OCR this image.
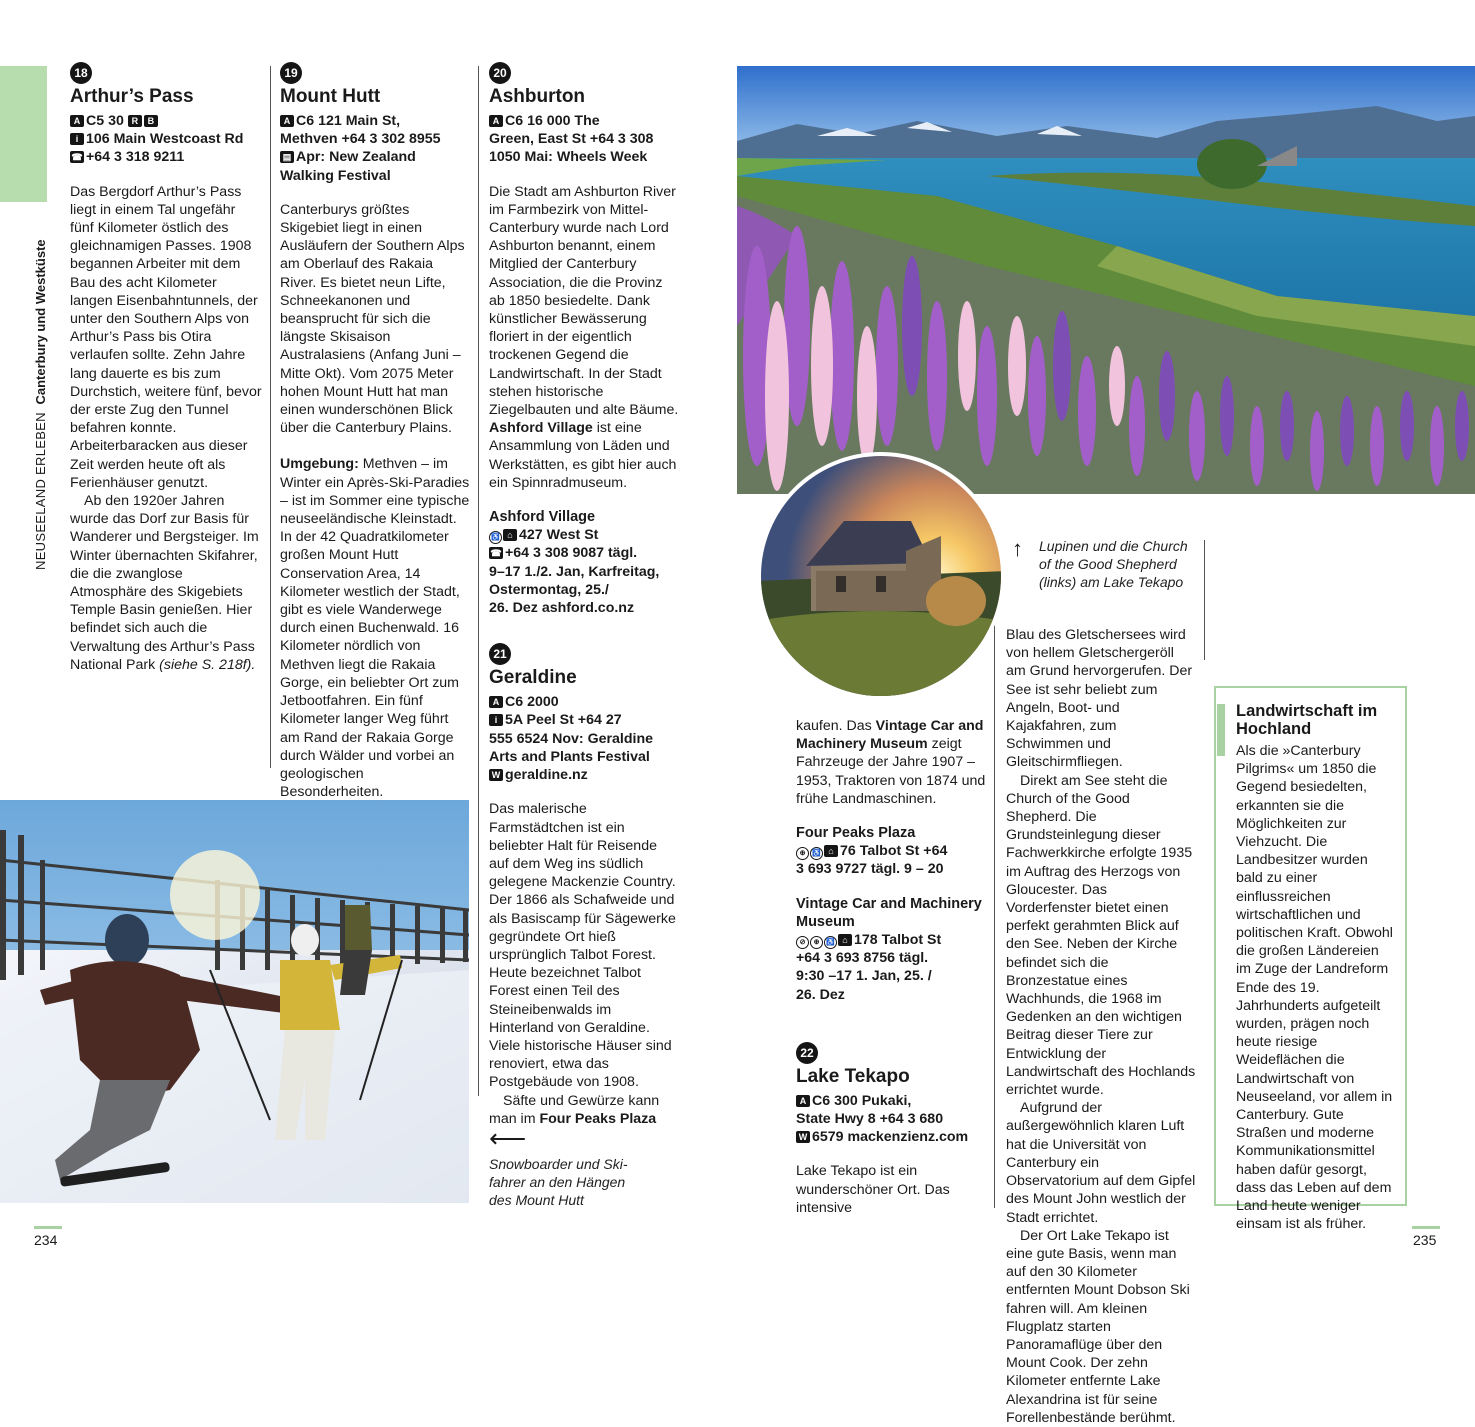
NEUSEELAND ERLEBEN Canterbury und Westküste
18
Arthur’s Pass
A C5 30 R B
i 106 Main Westcoast Rd
☎ +64 3 318 9211

Das Bergdorf Arthur’s Pass liegt in einem Tal ungefähr fünf Kilometer östlich des gleichnamigen Passes. 1908 begannen Arbeiter mit dem Bau des acht Kilometer langen Eisenbahntunnels, der unter den Southern Alps von Arthur’s Pass bis Otira verlaufen sollte. Zehn Jahre lang dauerte es bis zum Durchstich, weitere fünf, bevor der erste Zug den Tunnel befahren konnte. Arbeiterbaracken aus dieser Zeit werden heute oft als Ferienhäuser genutzt.

Ab den 1920er Jahren wurde das Dorf zur Basis für Wanderer und Bergsteiger. Im Winter übernachten Skifahrer, die die zwanglose Atmosphäre des Skigebiets Temple Basin genießen. Hier befindet sich auch die Verwaltung des Arthur’s Pass National Park (siehe S. 218f).

19
Mount Hutt
A C6 121 Main St,
Methven +64 3 302 8955
▤ Apr: New Zealand Walking Festival

Canterburys größtes Skigebiet liegt in einen Ausläufern der Southern Alps am Oberlauf des Rakaia River. Es bietet neun Lifte, Schneekanonen und beansprucht für sich die längste Skisaison Australasiens (Anfang Juni – Mitte Okt). Vom 2075 Meter hohen Mount Hutt hat man einen wunderschönen Blick über die Canterbury Plains.

Umgebung: Methven – im Winter ein Après-Ski-Paradies – ist im Sommer eine typische neuseeländische Kleinstadt. In der 42 Quadratkilometer großen Mount Hutt Conservation Area, 14 Kilometer westlich der Stadt, gibt es viele Wanderwege durch einen Buchenwald. 16 Kilometer nördlich von Methven liegt die Rakaia Gorge, ein beliebter Ort zum Jetbootfahren. Ein fünf Kilometer langer Weg führt am Rand der Rakaia Gorge durch Wälder und vorbei an geologischen Besonderheiten.

20
Ashburton
A C6 16 000 The
Green, East St +64 3 308
1050 Mai: Wheels Week

Die Stadt am Ashburton River im Farmbezirk von Mittel-Canterbury wurde nach Lord Ashburton benannt, einem Mitglied der Canterbury Association, die die Provinz ab 1850 besiedelte. Dank künstlicher Bewässerung floriert in der eigentlich trockenen Gegend die Landwirtschaft. In der Stadt stehen historische Ziegelbauten und alte Bäume. Ashford Village ist eine Ansammlung von Läden und Werkstätten, es gibt hier auch ein Spinnradmuseum.

Ashford Village

♿ ⌂ 427 West St
☎ +64 3 308 9087 tägl.
9–17 1./2. Jan, Karfreitag, Ostermontag, 25./
26. Dez ashford.co.nz
21
Geraldine
A C6 2000
i 5A Peel St +64 27
555 6524 Nov: Geraldine
Arts and Plants Festival
W geraldine.nz

Das malerische Farmstädtchen ist ein beliebter Halt für Reisende auf dem Weg ins südlich gelegene Mackenzie Country. Der 1866 als Schafweide und als Basiscamp für Sägewerke gegründete Ort hieß ursprünglich Talbot Forest. Heute bezeichnet Talbot Forest einen Teil des Steineibenwalds im Hinterland von Geraldine. Viele historische Häuser sind renoviert, etwa das Postgebäude von 1908.

Säfte und Gewürze kann man im Four Peaks Plaza

⟵
Snowboarder und Ski-
fahrer an den Hängen
des Mount Hutt
↑ Lupinen und die Church
of the Good Shepherd
(links) am Lake Tekapo

kaufen. Das Vintage Car and Machinery Museum zeigt Fahrzeuge der Jahre 1907 – 1953, Traktoren von 1874 und frühe Landmaschinen.

Four Peaks Plaza

⊕ ♿ ⌂ 76 Talbot St +64
3 693 9727 tägl. 9 – 20

Vintage Car and Machinery Museum

⊘ ⊕ ♿ ⌂ 178 Talbot St
+64 3 693 8756 tägl.
9:30 –17 1. Jan, 25. /
26. Dez
22
Lake Tekapo
A C6 300 Pukaki,
State Hwy 8 +64 3 680
W 6579 mackenzienz.com

Lake Tekapo ist ein wunderschöner Ort. Das intensive

Blau des Gletschersees wird von hellem Gletschergeröll am Grund hervorgerufen. Der See ist sehr beliebt zum Angeln, Boot- und Kajakfahren, zum Schwimmen und Gleitschirmfliegen.

Direkt am See steht die Church of the Good Shepherd. Die Grundsteinlegung dieser Fachwerkkirche erfolgte 1935 im Auftrag des Herzogs von Gloucester. Das Vorderfenster bietet einen perfekt gerahmten Blick auf den See. Neben der Kirche befindet sich die Bronzestatue eines Wachhunds, die 1968 im Gedenken an den wichtigen Beitrag dieser Tiere zur Entwicklung der Landwirtschaft des Hochlands errichtet wurde.

Aufgrund der außergewöhnlich klaren Luft hat die Universität von Canterbury ein Observatorium auf dem Gipfel des Mount John westlich der Stadt errichtet.

Der Ort Lake Tekapo ist eine gute Basis, wenn man auf den 30 Kilometer entfernten Mount Dobson Ski fahren will. Am kleinen Flugplatz starten Panoramaflüge über den Mount Cook. Der zehn Kilometer entfernte Lake Alexandrina ist für seine Forellenbestände berühmt.

Landwirtschaft im Hochland
Als die »Canterbury Pilgrims« um 1850 die Gegend besiedelten, erkannten sie die Möglichkeiten zur Viehzucht. Die Landbesitzer wurden bald zu einer einflussreichen wirtschaftlichen und politischen Kraft. Obwohl die großen Ländereien im Zuge der Landreform Ende des 19. Jahrhunderts aufgeteilt wurden, prägen noch heute riesige Weideflächen die Landwirtschaft von Neuseeland, vor allem in Canterbury. Gute Straßen und moderne Kommunikationsmittel haben dafür gesorgt, dass das Leben auf dem Land heute weniger einsam ist als früher.
234	235
